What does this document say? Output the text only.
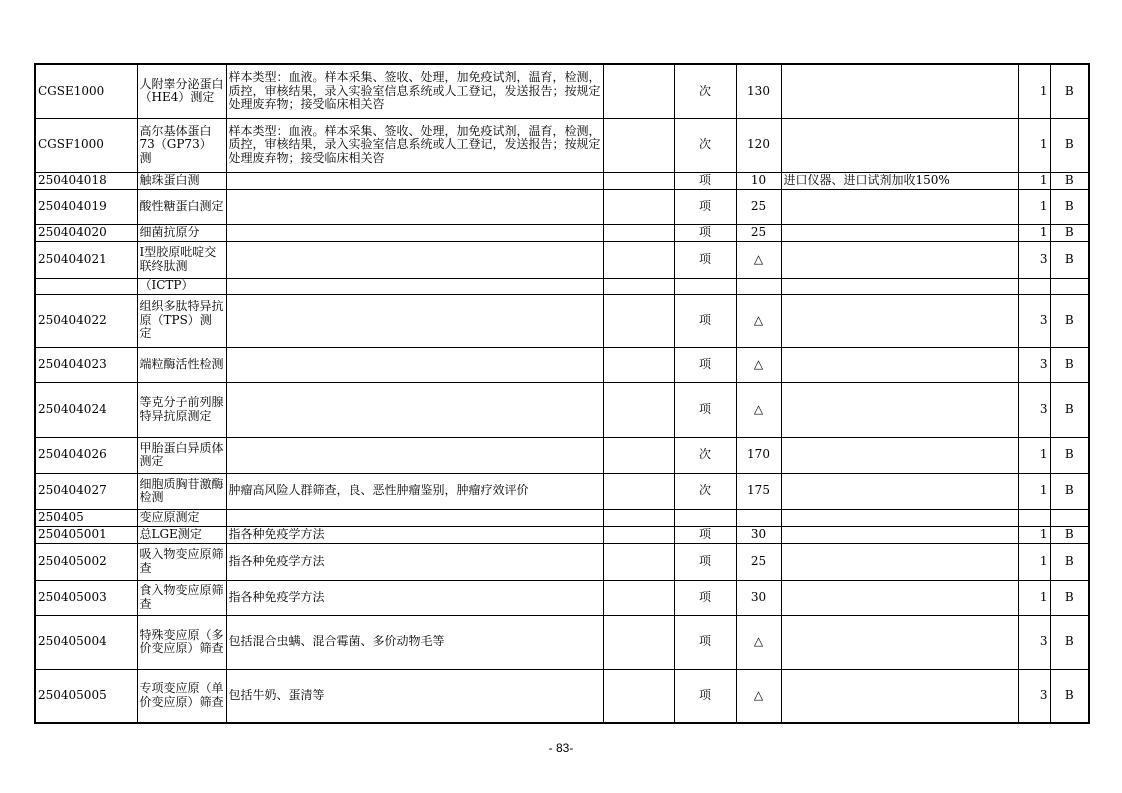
CGSE1000	人附睾分泌蛋白（HE4）测定	样本类型：血液。样本采集、签收、处理，加免疫试剂，温育，检测，质控，审核结果，录入实验室信息系统或人工登记，发送报告；按规定处理废弃物；接受临床相关咨		次	130		1	B

CGSF1000	高尔基体蛋白73（GP73）测	样本类型：血液。样本采集、签收、处理，加免疫试剂，温育，检测，质控，审核结果，录入实验室信息系统或人工登记，发送报告；按规定处理废弃物；接受临床相关咨		次	120		1	B

250404018	触珠蛋白测			项	10	进口仪器、进口试剂加收150%	1	B

250404019	酸性糖蛋白测定			项	25		1	B

250404020	细菌抗原分			项	25		1	B

250404021	I型胶原吡啶交联终肽测			项	△		3	B

	（ICTP）							

250404022	组织多肽特异抗原（TPS）测定			项	△		3	B

250404023	端粒酶活性检测			项	△		3	B

250404024	等克分子前列腺特异抗原测定			项	△		3	B

250404026	甲胎蛋白异质体测定			次	170		1	B

250404027	细胞质胸苷激酶检测	肿瘤高风险人群筛查，良、恶性肿瘤鉴别，肿瘤疗效评价		次	175		1	B

250405	变应原测定							

250405001	总LGE测定	指各种免疫学方法		项	30		1	B

250405002	吸入物变应原筛查	指各种免疫学方法		项	25		1	B

250405003	食入物变应原筛查	指各种免疫学方法		项	30		1	B

250405004	特殊变应原（多价变应原）筛查	包括混合虫螨、混合霉菌、多价动物毛等		项	△		3	B

250405005	专项变应原（单价变应原）筛查	包括牛奶、蛋清等		项	△		3	B
- 83-
